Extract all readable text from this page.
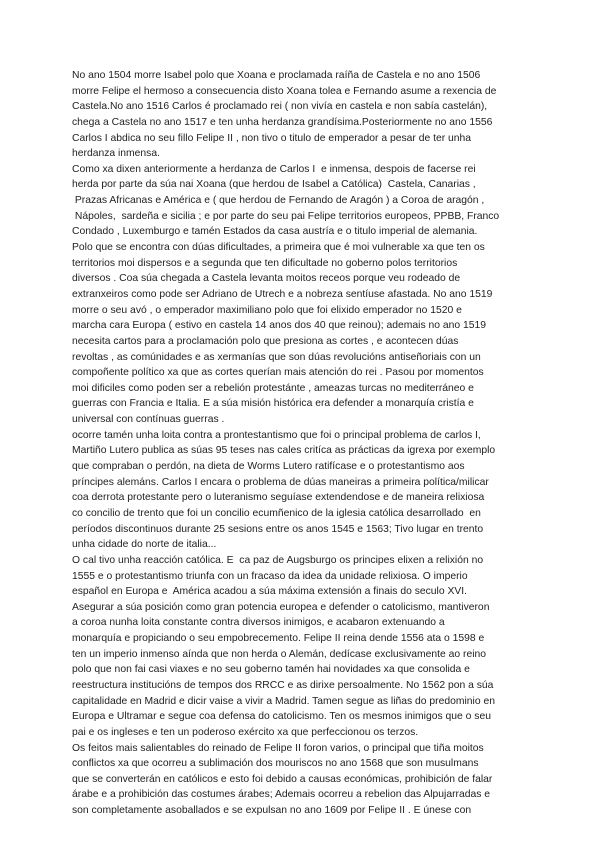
No ano 1504 morre Isabel polo que Xoana e proclamada raíña de Castela e no ano 1506
morre Felipe el hermoso a consecuencia disto Xoana tolea e Fernando asume a rexencia de
Castela.No ano 1516 Carlos é proclamado rei ( non vivía en castela e non sabía castelán),
chega a Castela no ano 1517 e ten unha herdanza grandísima.Posteriormente no ano 1556
Carlos I abdica no seu fillo Felipe II , non tivo o titulo de emperador a pesar de ter unha
herdanza inmensa.
Como xa dixen anteriormente a herdanza de Carlos I  e inmensa, despois de facerse rei
herda por parte da súa nai Xoana (que herdou de Isabel a Católica)  Castela, Canarias ,
Prazas Africanas e América e ( que herdou de Fernando de Aragón ) a Coroa de aragón ,
Nápoles,  sardeña e sicilia ; e por parte do seu pai Felipe territorios europeos, PPBB, Franco
Condado , Luxemburgo e tamén Estados da casa austría e o titulo imperial de alemania.
Polo que se encontra con dúas dificultades, a primeira que é moi vulnerable xa que ten os
territorios moi dispersos e a segunda que ten dificultade no goberno polos territorios
diversos . Coa súa chegada a Castela levanta moitos receos porque veu rodeado de
extranxeiros como pode ser Adriano de Utrech e a nobreza sentíuse afastada. No ano 1519
morre o seu avó , o emperador maximiliano polo que foi elixido emperador no 1520 e
marcha cara Europa ( estivo en castela 14 anos dos 40 que reinou); ademais no ano 1519
necesita cartos para a proclamación polo que presiona as cortes , e acontecen dúas
revoltas , as comúnidades e as xermanías que son dúas revolucións antiseñoriais con un
compoñente político xa que as cortes querían mais atención do rei . Pasou por momentos
moi dificiles como poden ser a rebelión protestánte , ameazas turcas no mediterráneo e
guerras con Francia e Italia. E a súa misión histórica era defender a monarquía cristía e
universal con contínuas guerras .
ocorre tamén unha loita contra a prontestantismo que foi o principal problema de carlos I,
Martiño Lutero publica as súas 95 teses nas cales critíca as prácticas da igrexa por exemplo
que compraban o perdón, na dieta de Worms Lutero ratifícase e o protestantismo aos
príncipes alemáns. Carlos I encara o problema de dúas maneiras a primeira política/milicar
coa derrota protestante pero o luteranismo seguíase extendendose e de maneira relixiosa
co concilio de trento que foi un concilio ecumñenico de la iglesia católica desarrollado  en
períodos discontinuos durante 25 sesions entre os anos 1545 e 1563; Tivo lugar en trento
unha cidade do norte de italia...
O cal tivo unha reacción católica. E  ca paz de Augsburgo os principes elixen a relixión no
1555 e o protestantismo triunfa con un fracaso da idea da unidade relixiosa. O imperio
español en Europa e  América acadou a súa máxima extensión a finais do seculo XVI.
Asegurar a súa posición como gran potencia europea e defender o catolicismo, mantiveron
a coroa nunha loita constante contra diversos inimigos, e acabaron extenuando a
monarquía e propiciando o seu empobrecemento. Felipe II reina dende 1556 ata o 1598 e
ten un imperio inmenso aínda que non herda o Alemán, dedícase exclusivamente ao reino
polo que non fai casi viaxes e no seu goberno tamén hai novidades xa que consolida e
reestructura institucións de tempos dos RRCC e as dirixe persoalmente. No 1562 pon a súa
capitalidade en Madrid e dicir vaise a vivir a Madrid. Tamen segue as liñas do predominio en
Europa e Ultramar e segue coa defensa do catolicismo. Ten os mesmos inimigos que o seu
pai e os ingleses e ten un poderoso exército xa que perfeccionou os terzos.
Os feitos mais salientables do reinado de Felipe II foron varios, o principal que tiña moitos
conflictos xa que ocorreu a sublimación dos mouriscos no ano 1568 que son musulmans
que se converterán en católicos e esto foi debido a causas económicas, prohibición de falar
árabe e a prohibición das costumes árabes; Ademais ocorreu a rebelion das Alpujarradas e
son completamente asoballados e se expulsan no ano 1609 por Felipe II . E únese con
